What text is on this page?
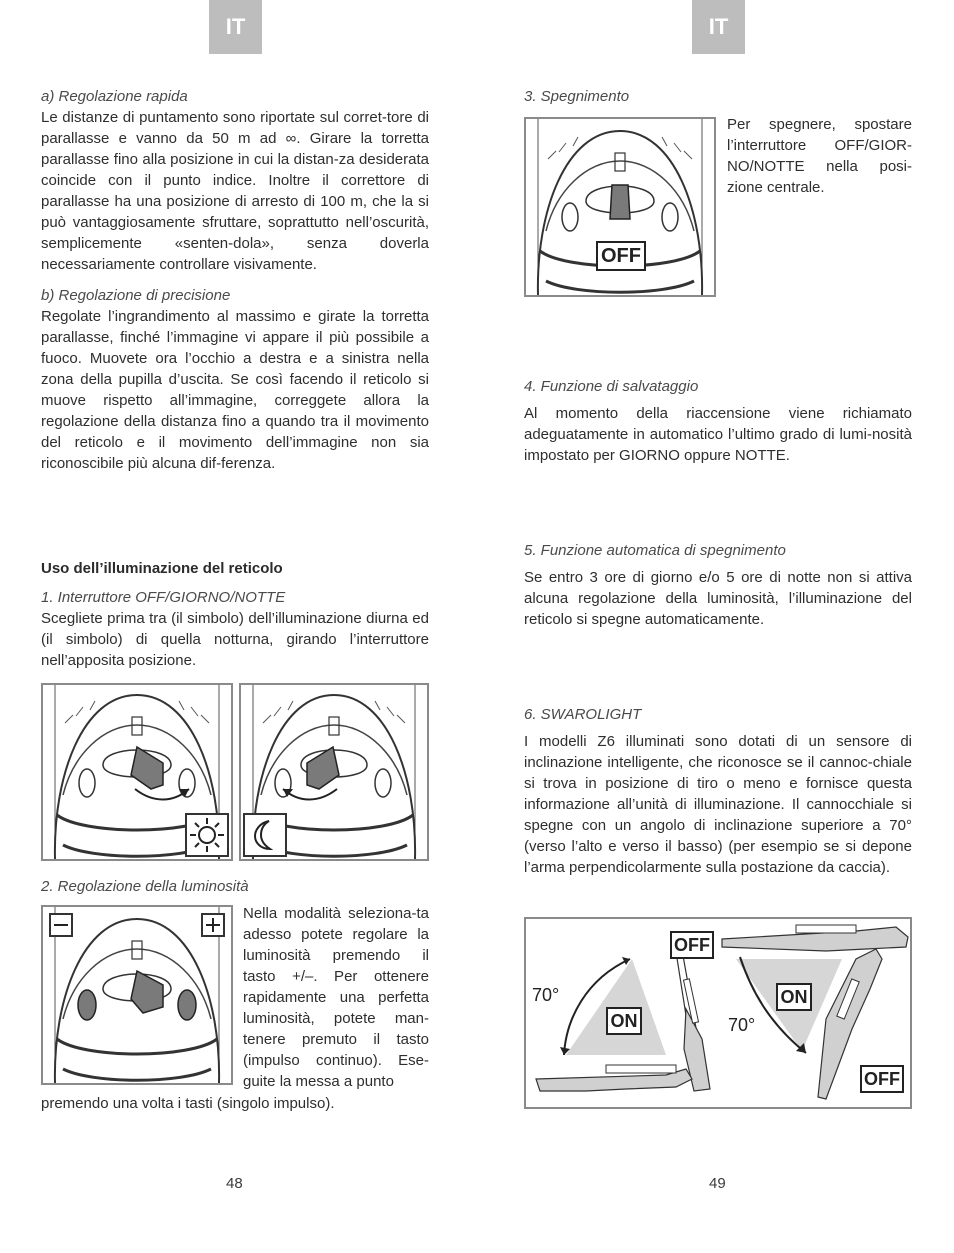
IT	IT

a) Regolazione rapida

Le distanze di puntamento sono riportate sul corret-tore di parallasse e vanno da 50 m ad ∞. Girare la torretta parallasse fino alla posizione in cui la distan-za desiderata coincide con il punto indice. Inoltre il correttore di parallasse ha una posizione di arresto di 100 m, che la si può vantaggiosamente sfruttare, soprattutto nell’oscurità, semplicemente «senten-dola», senza doverla necessariamente controllare visivamente.

b) Regolazione di precisione

Regolate l’ingrandimento al massimo e girate la torretta parallasse, finché l’immagine vi appare il più possibile a fuoco. Muovete ora l’occhio a destra e a sinistra nella zona della pupilla d’uscita. Se così facendo il reticolo si muove rispetto all’immagine, correggete allora la regolazione della distanza fino a quando tra il movimento del reticolo e il movimento dell’immagine non sia riconoscibile più alcuna dif-ferenza.

Uso dell’illuminazione del reticolo

1. Interruttore OFF/GIORNO/NOTTE

Scegliete prima tra (il simbolo) dell’illuminazione diurna ed (il simbolo) di quella notturna, girando l’interruttore nell’apposita posizione.

2. Regolazione della luminosità

Nella modalità seleziona-ta adesso potete regolare la luminosità premendo il tasto +/–. Per ottenere rapidamente una perfetta luminosità, potete man-tenere premuto il tasto (impulso continuo). Ese-guite la messa a punto

premendo una volta i tasti (singolo impulso).

48

3. Spegnimento

OFF

Per spegnere, spostare l’interruttore OFF/GIOR-NO/NOTTE nella posi-zione centrale.

4. Funzione di salvataggio

Al momento della riaccensione viene richiamato adeguatamente in automatico l’ultimo grado di lumi-nosità impostato per GIORNO oppure NOTTE.

5. Funzione automatica di spegnimento

Se entro 3 ore di giorno e/o 5 ore di notte non si attiva alcuna regolazione della luminosità, l’illuminazione del reticolo si spegne automaticamente.

6. SWAROLIGHT

I modelli Z6 illuminati sono dotati di un sensore di inclinazione intelligente, che riconosce se il cannoc-chiale si trova in posizione di tiro o meno e fornisce questa informazione all’unità di illuminazione. Il cannocchiale si spegne con un angolo di inclinazione superiore a 70° (verso l’alto e verso il basso) (per esempio se si depone l’arma perpendicolarmente sulla postazione da caccia).

70°
70°
ON
OFF
ON
OFF
49
